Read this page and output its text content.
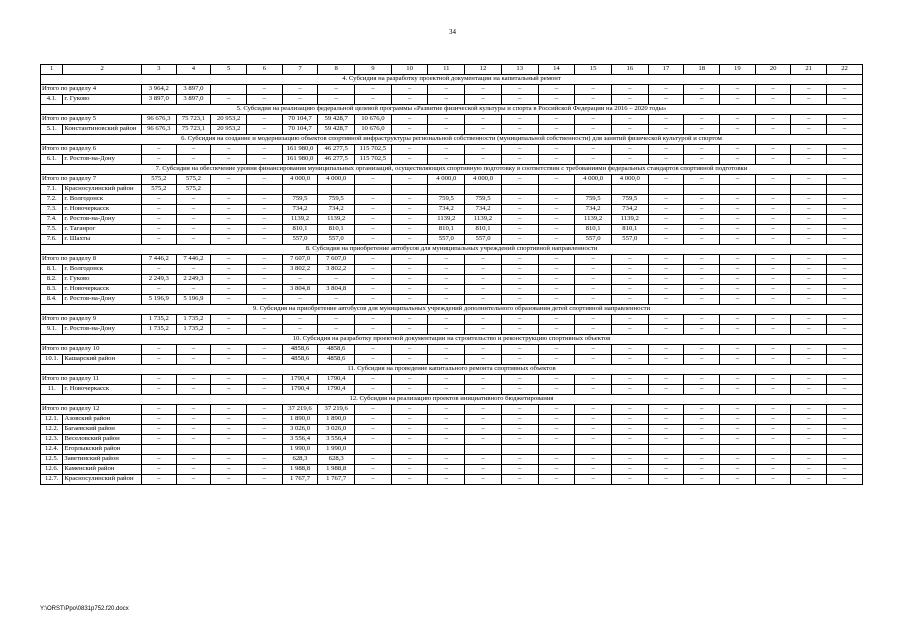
34
1	2	3	4	5	6	7	8	9	10	11	12	13	14	15	16	17	18	19	20	21	22
4. Субсидия на разработку проектной документации на капитальный ремонт																					
Итого по разделу 4		3 964,2	3 897,0		–	–	–	–	–	–	–	–	–	–	–	–	–	–	–	–	–
4.1.	г. Гуково	3 897,0	3 897,0	–	–	–	–	–	–	–	–	–	–	–	–	–	–	–	–	–	–
5. Субсидия на реализацию федеральной целевой программы «Развитие физической культуры и спорта в Российской Федерации на 2016 – 2020 годы»																					
Итого по разделу 5		96 676,3	75 723,1	20 953,2	–	70 104,7	59 428,7	10 676,0	–	–	–	–	–	–	–	–	–	–	–	–	–
5.1.	Константиновский район	96 676,3	75 723,1	20 953,2	–	70 104,7	59 428,7	10 676,0	–	–	–	–	–	–	–	–	–	–	–	–	–
6. Субсидия на создание и модернизацию объектов спортивной инфраструктуры региональной собственности (муниципальной собственности) для занятий физической культурой и спортом																					
Итого по разделу 6		–	–	–	–	161 980,0	46 277,5	115 702,5	–	–	–	–	–	–	–	–	–	–	–	–	–
6.1.	г. Ростов-на-Дону	–	–	–	–	161 980,0	46 277,5	115 702,5	–	–	–	–	–	–	–	–	–	–	–	–	–
7. Субсидия на обеспечение уровня финансирования муниципальных организаций, осуществляющих спортивную подготовку в соответствии с требованиями федеральных стандартов спортивной подготовки																					
Итого по разделу 7		575,2	575,2	–	–	4 000,0	4 000,0	–	–	4 000,0	4 000,0	–	–	4 000,0	4 000,0	–	–	–	–	–	–
7.1.	Красносулинский район	575,2	575,2																		
7.2.	г. Волгодонск	–	–	–	–	759,5	759,5	–	–	759,5	759,5	–	–	759,5	759,5	–	–	–	–	–	–
7.3.	г. Новочеркасск	–	–	–	–	734,2	734,2	–	–	734,2	734,2	–	–	734,2	734,2	–	–	–	–	–	–
7.4.	г. Ростов-на-Дону	–	–	–	–	1139,2	1139,2	–	–	1139,2	1139,2	–	–	1139,2	1139,2	–	–	–	–	–	–
7.5.	г. Таганрог	–	–	–	–	810,1	810,1	–	–	810,1	810,1	–	–	810,1	810,1	–	–	–	–	–	–
7.6.	г. Шахты	–	–	–	–	557,0	557,0	–	–	557,0	557,0	–	–	557,0	557,0	–	–	–	–	–	–
8. Субсидия на приобретение автобусов для муниципальных учреждений спортивной направленности																					
Итого по разделу 8		7 446,2	7 446,2	–	–	7 607,0	7 607,0	–	–	–	–	–	–	–	–	–	–	–	–	–	–
8.1.	г. Волгодонск	–	–	–	–	3 802,2	3 802,2	–	–	–	–	–	–	–	–	–	–	–	–	–	–
8.2.	г. Гуково	2 249,3	2 249,3	–	–	–	–	–	–	–	–	–	–	–	–	–	–	–	–	–	–
8.3.	г. Новочеркасск	–	–	–	–	3 804,8	3 804,8	–	–	–	–	–	–	–	–	–	–	–	–	–	–
8.4.	г. Ростов-на-Дону	5 196,9	5 196,9	–	–	–	–	–	–	–	–	–	–	–	–	–	–	–	–	–	–
9. Субсидия на приобретение автобусов для муниципальных учреждений дополнительного образования детей спортивной направленности																					
Итого по разделу 9		1 735,2	1 735,2	–	–	–	–	–	–	–	–	–	–	–	–	–	–	–	–	–	–
9.1.	г. Ростов-на-Дону	1 735,2	1 735,2	–	–	–	–	–	–	–	–	–	–	–	–	–	–	–	–	–	–
10. Субсидия на разработку проектной документации на строительство и реконструкцию спортивных объектов																					
Итого по разделу 10		–	–	–	–	4858,6	4858,6	–	–	–	–	–	–	–	–	–	–	–	–	–	–
10.1.	Кашарский район	–	–	–	–	4858,6	4858,6	–	–	–	–	–	–	–	–	–	–	–	–	–	–
11. Субсидия на проведение капитального ремонта спортивных объектов																					
Итого по разделу 11		–	–	–	–	1790,4	1790,4	–	–	–	–	–	–	–	–	–	–	–	–	–	–
11.	г. Новочеркасск	–	–	–	–	1790,4	1790,4	–	–	–	–	–	–	–	–	–	–	–	–	–	–
12. Субсидия на реализацию проектов инициативного бюджетирования																					
Итого по разделу 12		–	–	–	–	37 219,6	37 219,6	–	–	–	–	–	–	–	–	–	–	–	–	–	–
12.1.	Азовский район	–	–	–	–	1 890,0	1 890,0	–	–	–	–	–	–	–	–	–	–	–	–	–	–
12.2.	Багаевский район	–	–	–	–	3 026,0	3 026,0	–	–	–	–	–	–	–	–	–	–	–	–	–	–
12.3.	Веселовский район	–	–	–	–	3 556,4	3 556,4	–	–	–	–	–	–	–	–	–	–	–	–	–	–
12.4.	Егорлыкский район					1 990,0	1 990,0														
12.5.	Заветинский район	–	–	–	–	628,3	628,3	–	–	–	–	–	–	–	–	–	–	–	–	–	–
12.6.	Каменский район	–	–	–	–	1 988,8	1 988,8	–	–	–	–	–	–	–	–	–	–	–	–	–	–
12.7.	Красносулинский район	–	–	–	–	1 767,7	1 767,7	–	–	–	–	–	–	–	–	–	–	–	–	–	–
Y:\ORST\Ppo\0831p752.f20.docx
